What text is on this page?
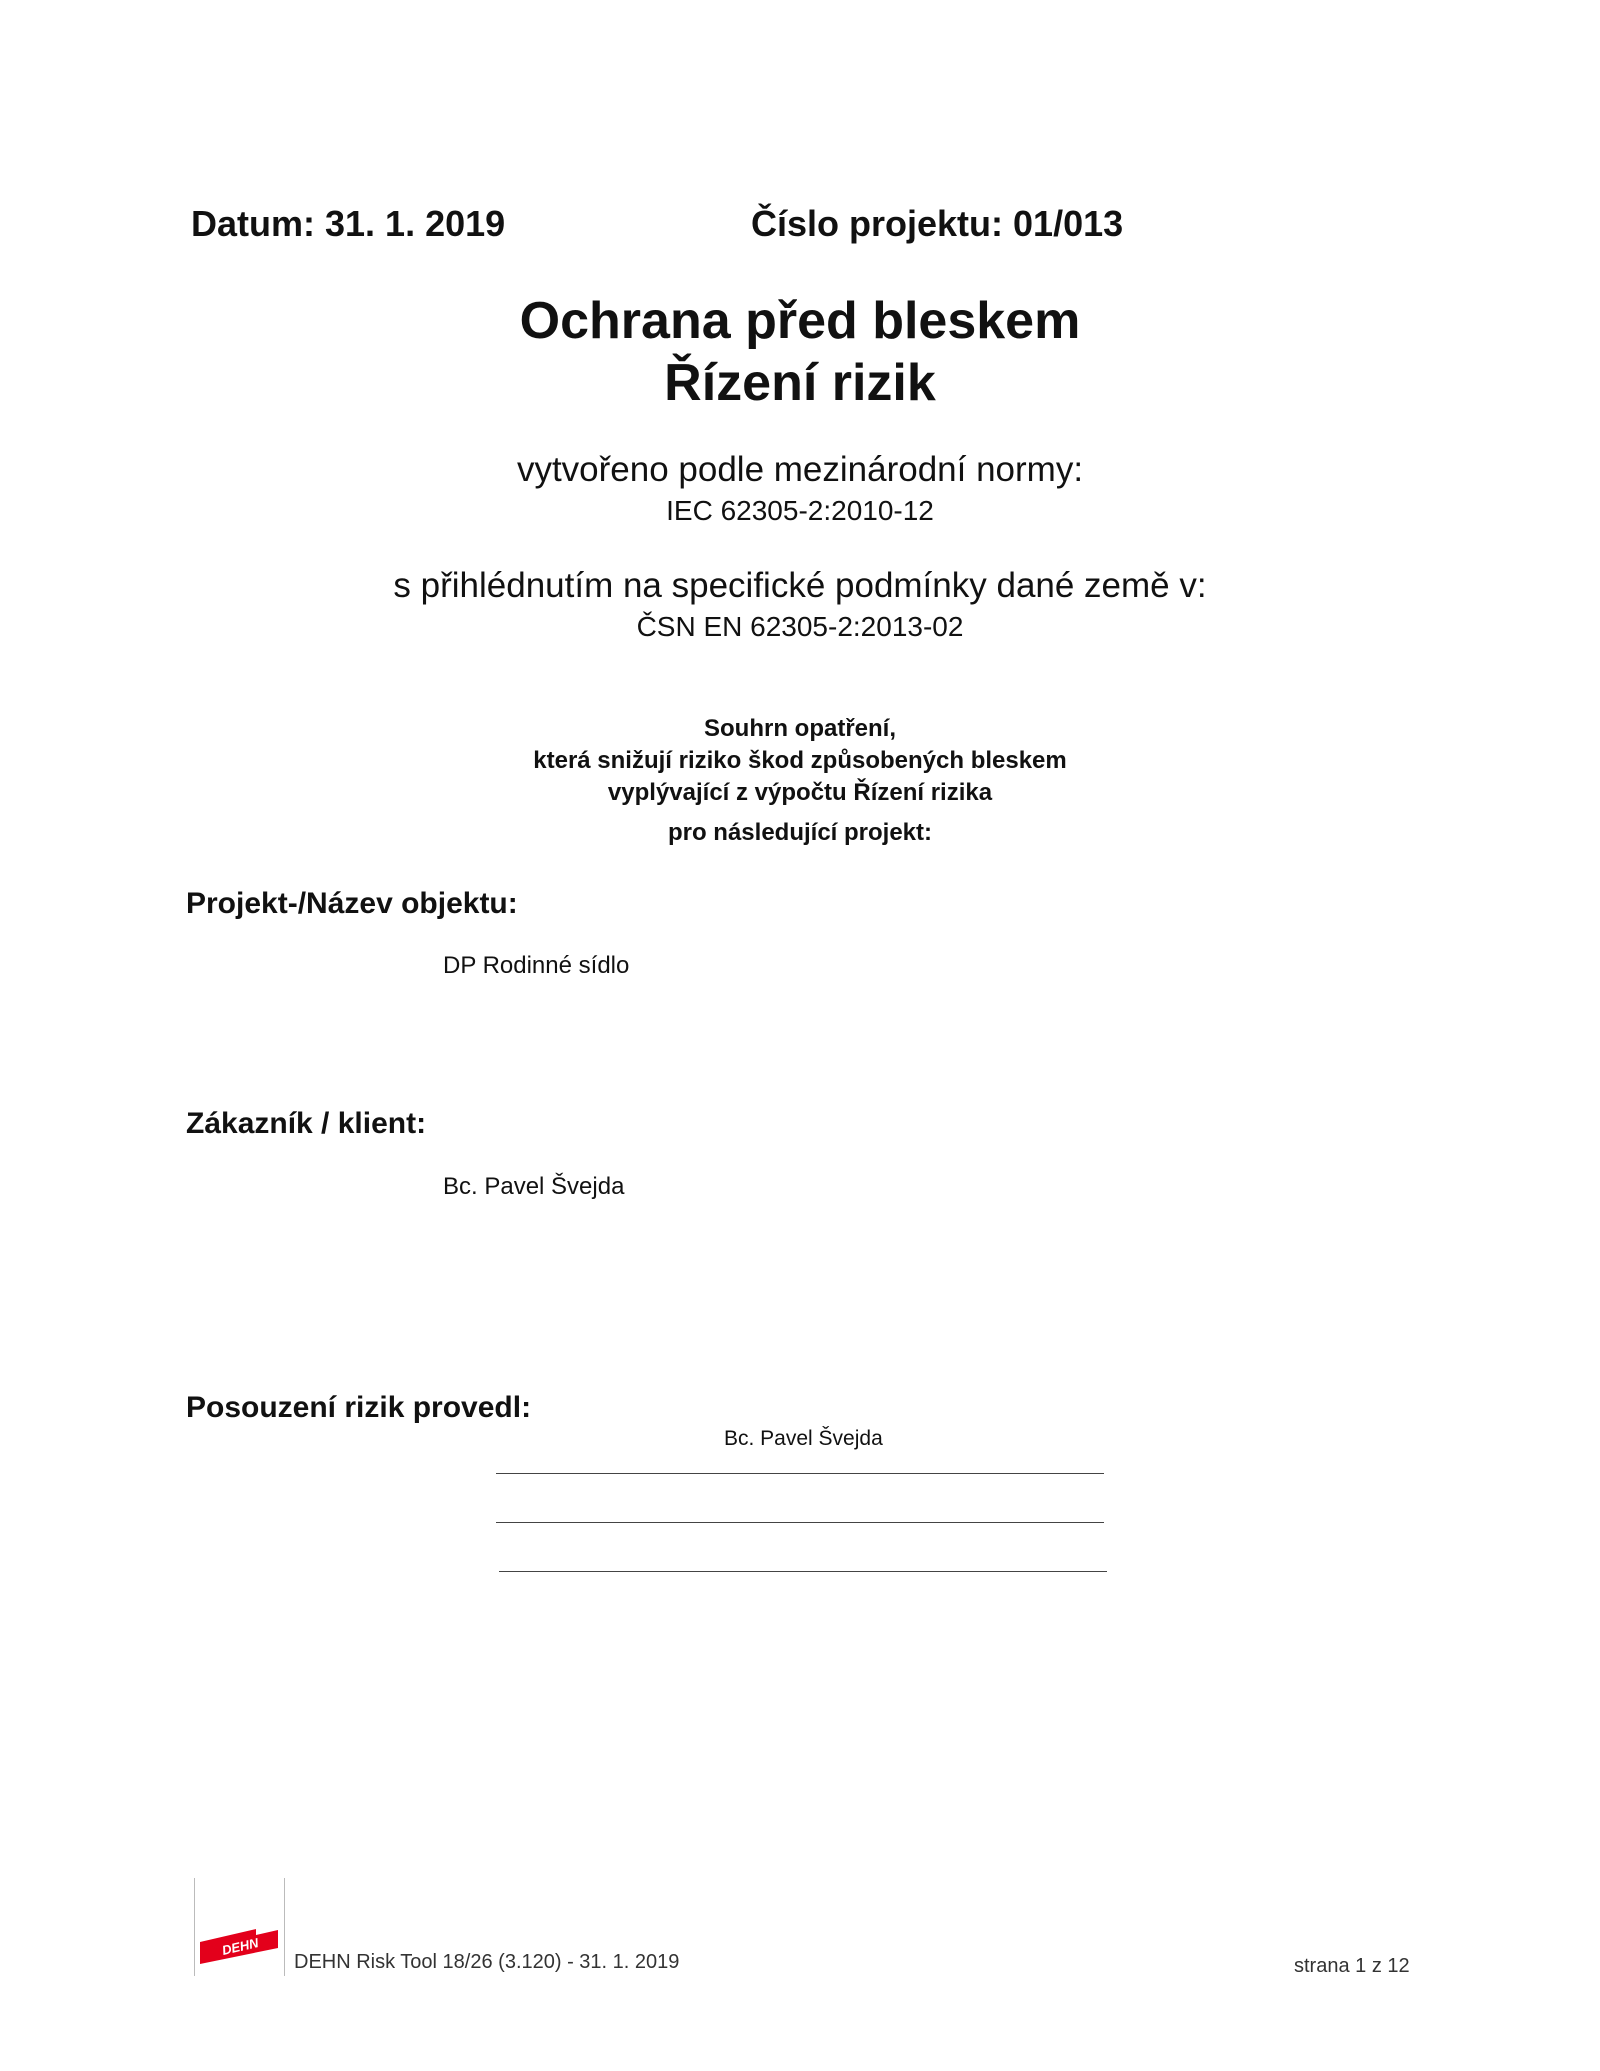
Datum: 31. 1. 2019	Číslo projektu: 01/013
Ochrana před bleskem
Řízení rizik
vytvořeno podle mezinárodní normy:
IEC 62305-2:2010-12
s přihlédnutím na specifické podmínky dané země v:
ČSN EN 62305-2:2013-02
Souhrn opatření,
která snižují riziko škod způsobených bleskem
vyplývající z výpočtu Řízení rizika
pro následující projekt:
Projekt-/Název objektu:
DP Rodinné sídlo
Zákazník / klient:
Bc. Pavel Švejda
Posouzení rizik provedl:
Bc. Pavel Švejda
DEHN
DEHN Risk Tool 18/26 (3.120) - 31. 1. 2019	strana 1 z 12
